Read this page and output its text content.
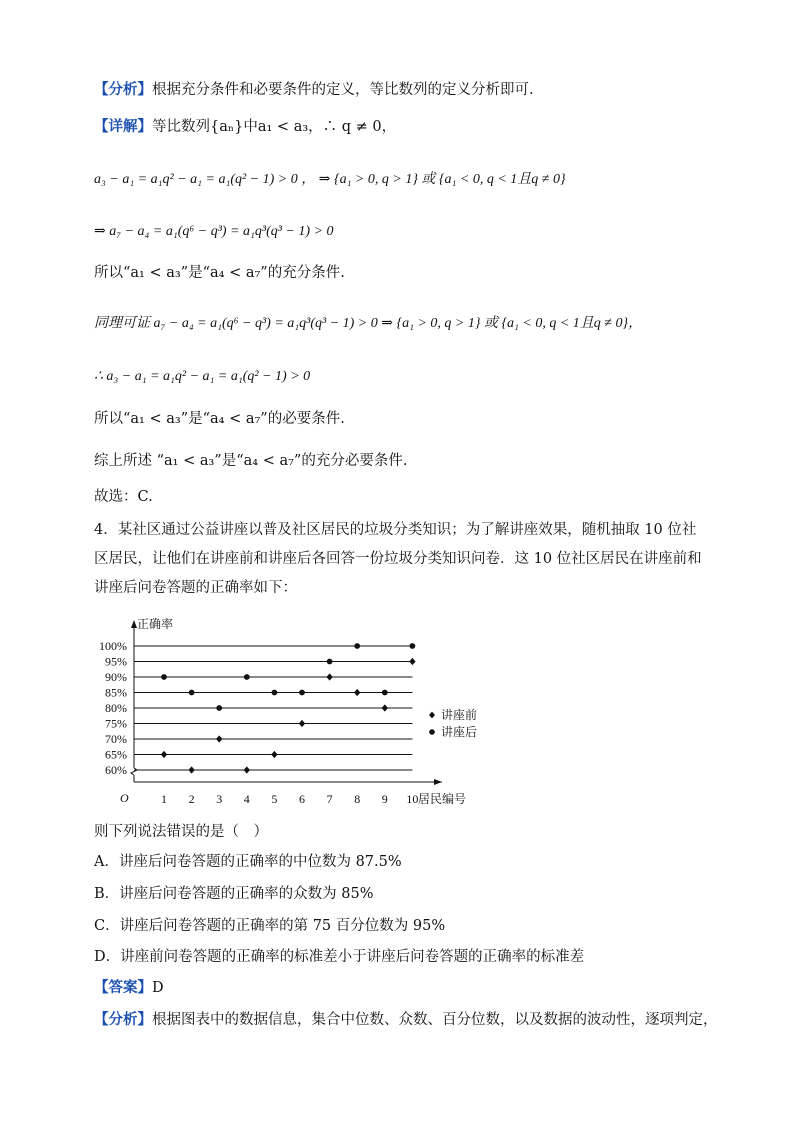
【分析】根据充分条件和必要条件的定义，等比数列的定义分析即可.
【详解】等比数列{aₙ}中a₁ < a₃，∴ q ≠ 0，
a₃ − a₁ = a₁q² − a₁ = a₁(q² − 1) > 0 ， ⇒ {a₁ > 0, q > 1} 或 {a₁ < 0, q < 1且q ≠ 0}
⇒ a₇ − a₄ = a₁(q⁶ − q³) = a₁q³(q³ − 1) > 0
所以“a₁ < a₃”是“a₄ < a₇”的充分条件.
同理可证 a₇ − a₄ = a₁(q⁶ − q³) = a₁q³(q³ − 1) > 0 ⇒ {a₁ > 0, q > 1} 或 {a₁ < 0, q < 1且q ≠ 0}，
∴ a₃ − a₁ = a₁q² − a₁ = a₁(q² − 1) > 0
所以“a₁ < a₃”是“a₄ < a₇”的必要条件.
综上所述 “a₁ < a₃”是“a₄ < a₇”的充分必要条件.
故选：C.
4．某社区通过公益讲座以普及社区居民的垃圾分类知识；为了解讲座效果，随机抽取 10 位社区居民，让他们在讲座前和讲座后各回答一份垃圾分类知识问卷．这 10 位社区居民在讲座前和讲座后问卷答题的正确率如下：
正确率
居民编号
O
60%
65%
70%
75%
80%
85%
90%
95%
100%
1 2 3 4 5 6 7 8 9 10
讲座前
讲座后
则下列说法错误的是（　）
A．讲座后问卷答题的正确率的中位数为 87.5%
B．讲座后问卷答题的正确率的众数为 85%
C．讲座后问卷答题的正确率的第 75 百分位数为 95%
D．讲座前问卷答题的正确率的标准差小于讲座后问卷答题的正确率的标准差
【答案】D
【分析】根据图表中的数据信息，集合中位数、众数、百分位数，以及数据的波动性，逐项判定，
